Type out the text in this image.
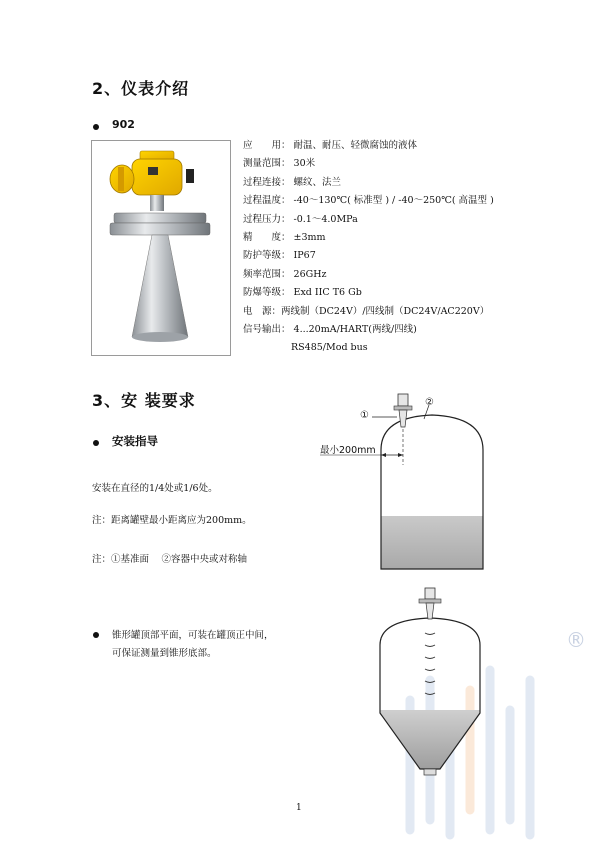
2、仪表介绍
902
应　　用： 耐温、耐压、轻微腐蚀的液体
测量范围： 30米
过程连接： 螺纹、法兰
过程温度： -40～130℃( 标准型 ) / -40～250℃( 高温型 )
过程压力： -0.1～4.0MPa
精　　度： ±3mm
防护等级： IP67
频率范围： 26GHz
防爆等级： Exd IIC T6 Gb
电　源：两线制（DC24V）/四线制（DC24V/AC220V）
信号输出： 4...20mA/HART(两线/四线)
RS485/Mod bus
3、安 装要求
安装指导
安装在直径的1/4处或1/6处。
注：距离罐壁最小距离应为200mm。
注：①基准面　 ②容器中央或对称轴
锥形罐顶部平面，可装在罐顶正中间，
可保证测量到锥形底部。
®
①
②
最小200mm
1
